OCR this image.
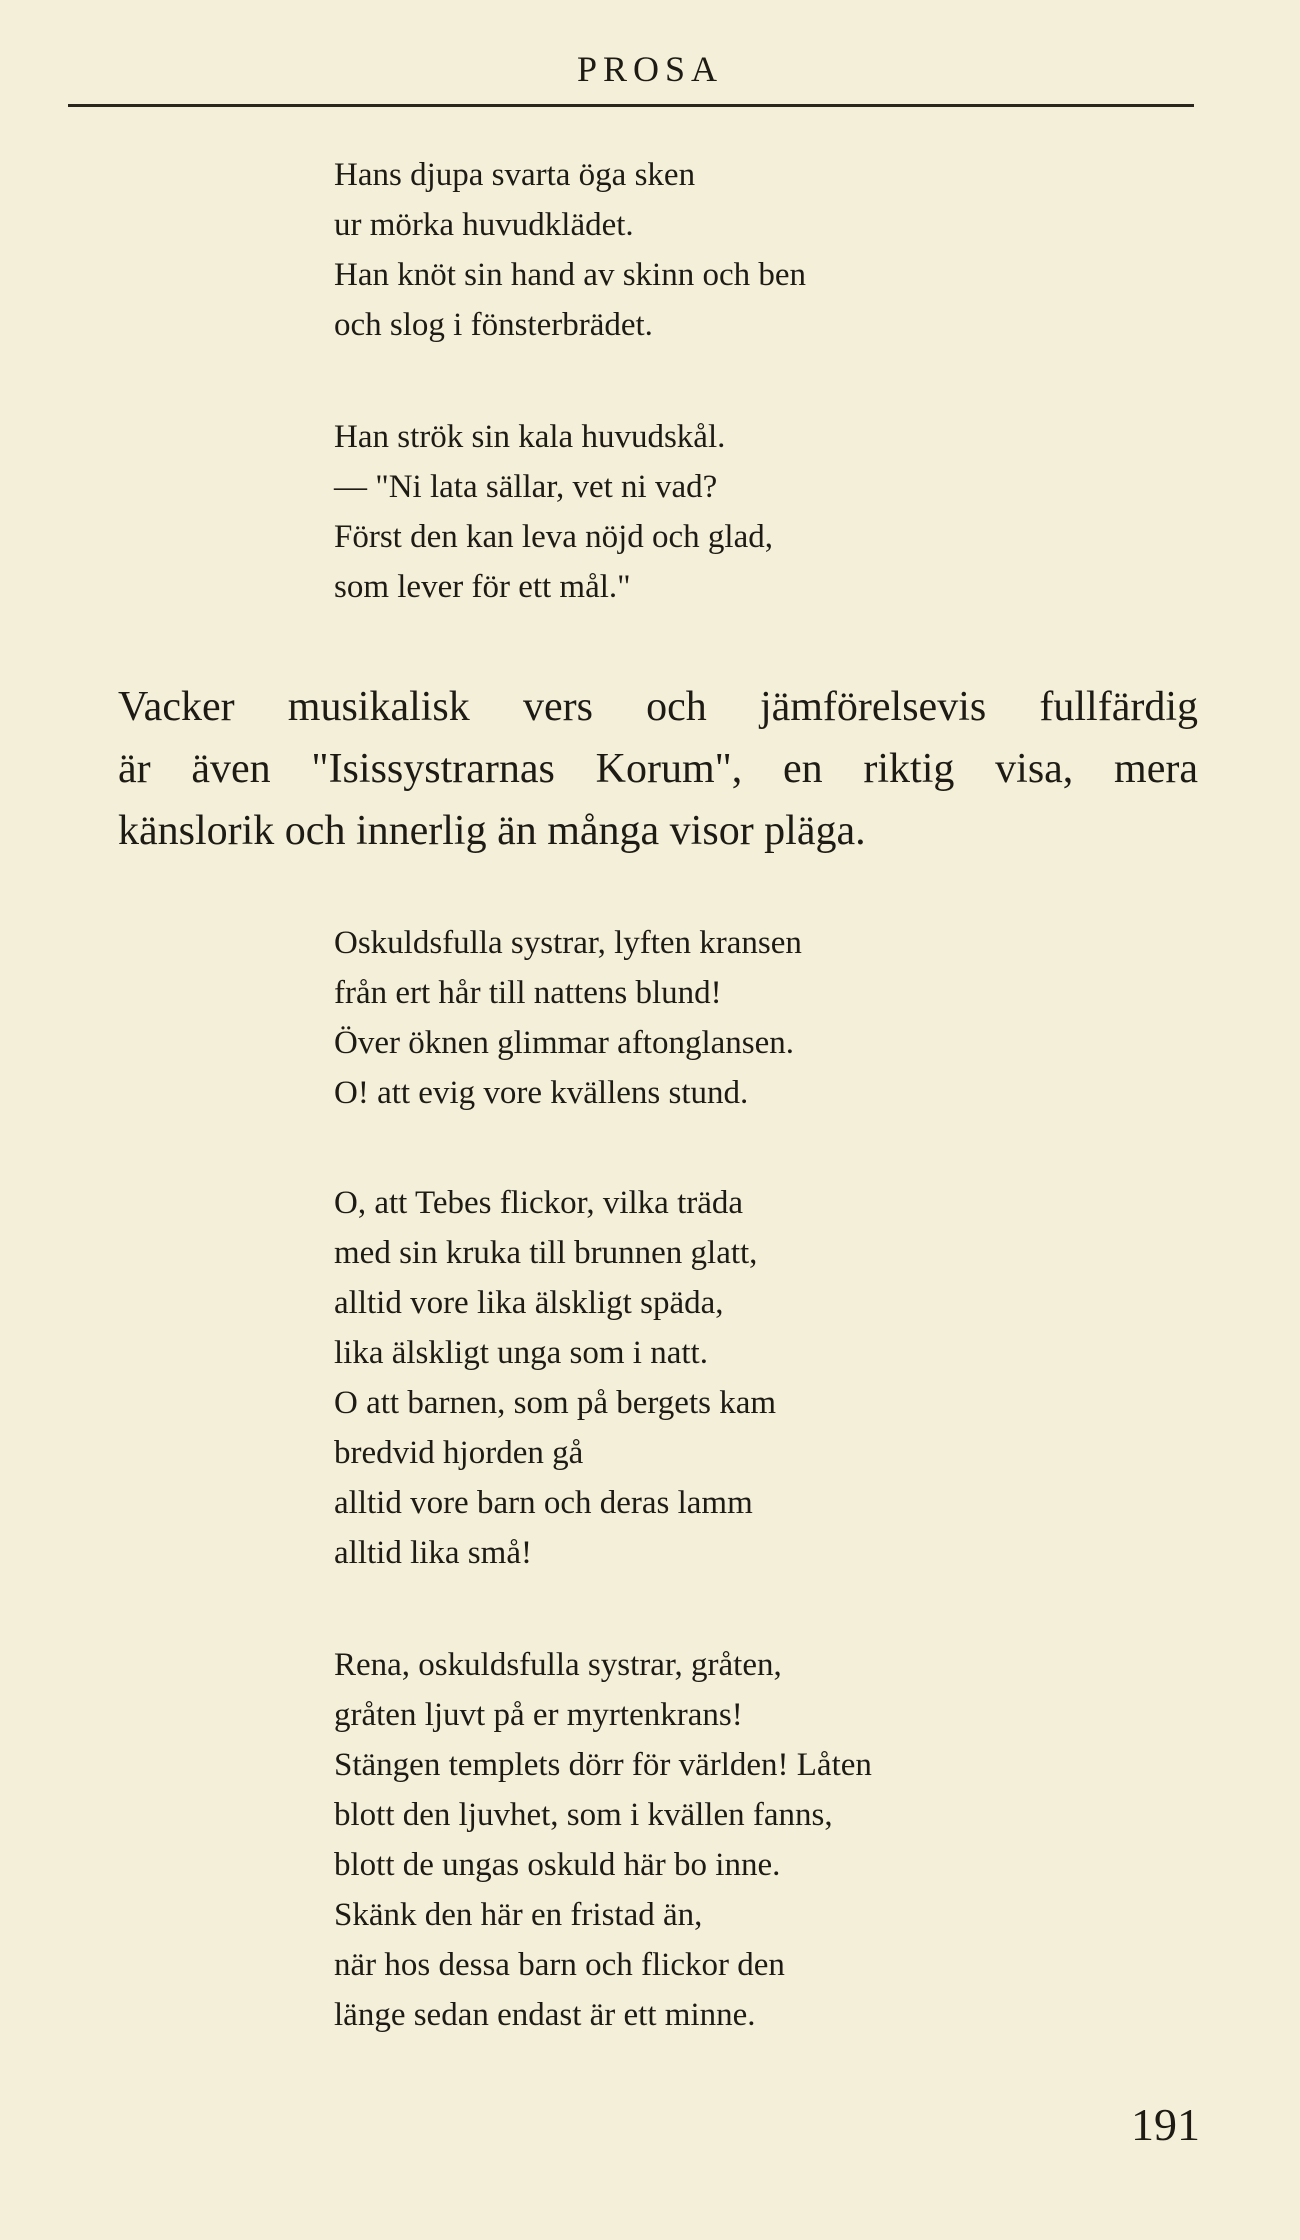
PROSA
Hans djupa svarta öga sken
ur mörka huvudklädet.
Han knöt sin hand av skinn och ben
och slog i fönsterbrädet.
Han strök sin kala huvudskål.
— "Ni lata sällar, vet ni vad?
Först den kan leva nöjd och glad,
som lever för ett mål."
Vacker musikalisk vers och jämförelsevis fullfärdig
är även "Isissystrarnas Korum", en riktig visa, mera
känslorik och innerlig än många visor pläga.
Oskuldsfulla systrar, lyften kransen
från ert hår till nattens blund!
Över öknen glimmar aftonglansen.
O! att evig vore kvällens stund.
O, att Tebes flickor, vilka träda
med sin kruka till brunnen glatt,
alltid vore lika älskligt späda,
lika älskligt unga som i natt.
O att barnen, som på bergets kam
bredvid hjorden gå
alltid vore barn och deras lamm
alltid lika små!
Rena, oskuldsfulla systrar, gråten,
gråten ljuvt på er myrtenkrans!
Stängen templets dörr för världen! Låten
blott den ljuvhet, som i kvällen fanns,
blott de ungas oskuld här bo inne.
Skänk den här en fristad än,
när hos dessa barn och flickor den
länge sedan endast är ett minne.
191
